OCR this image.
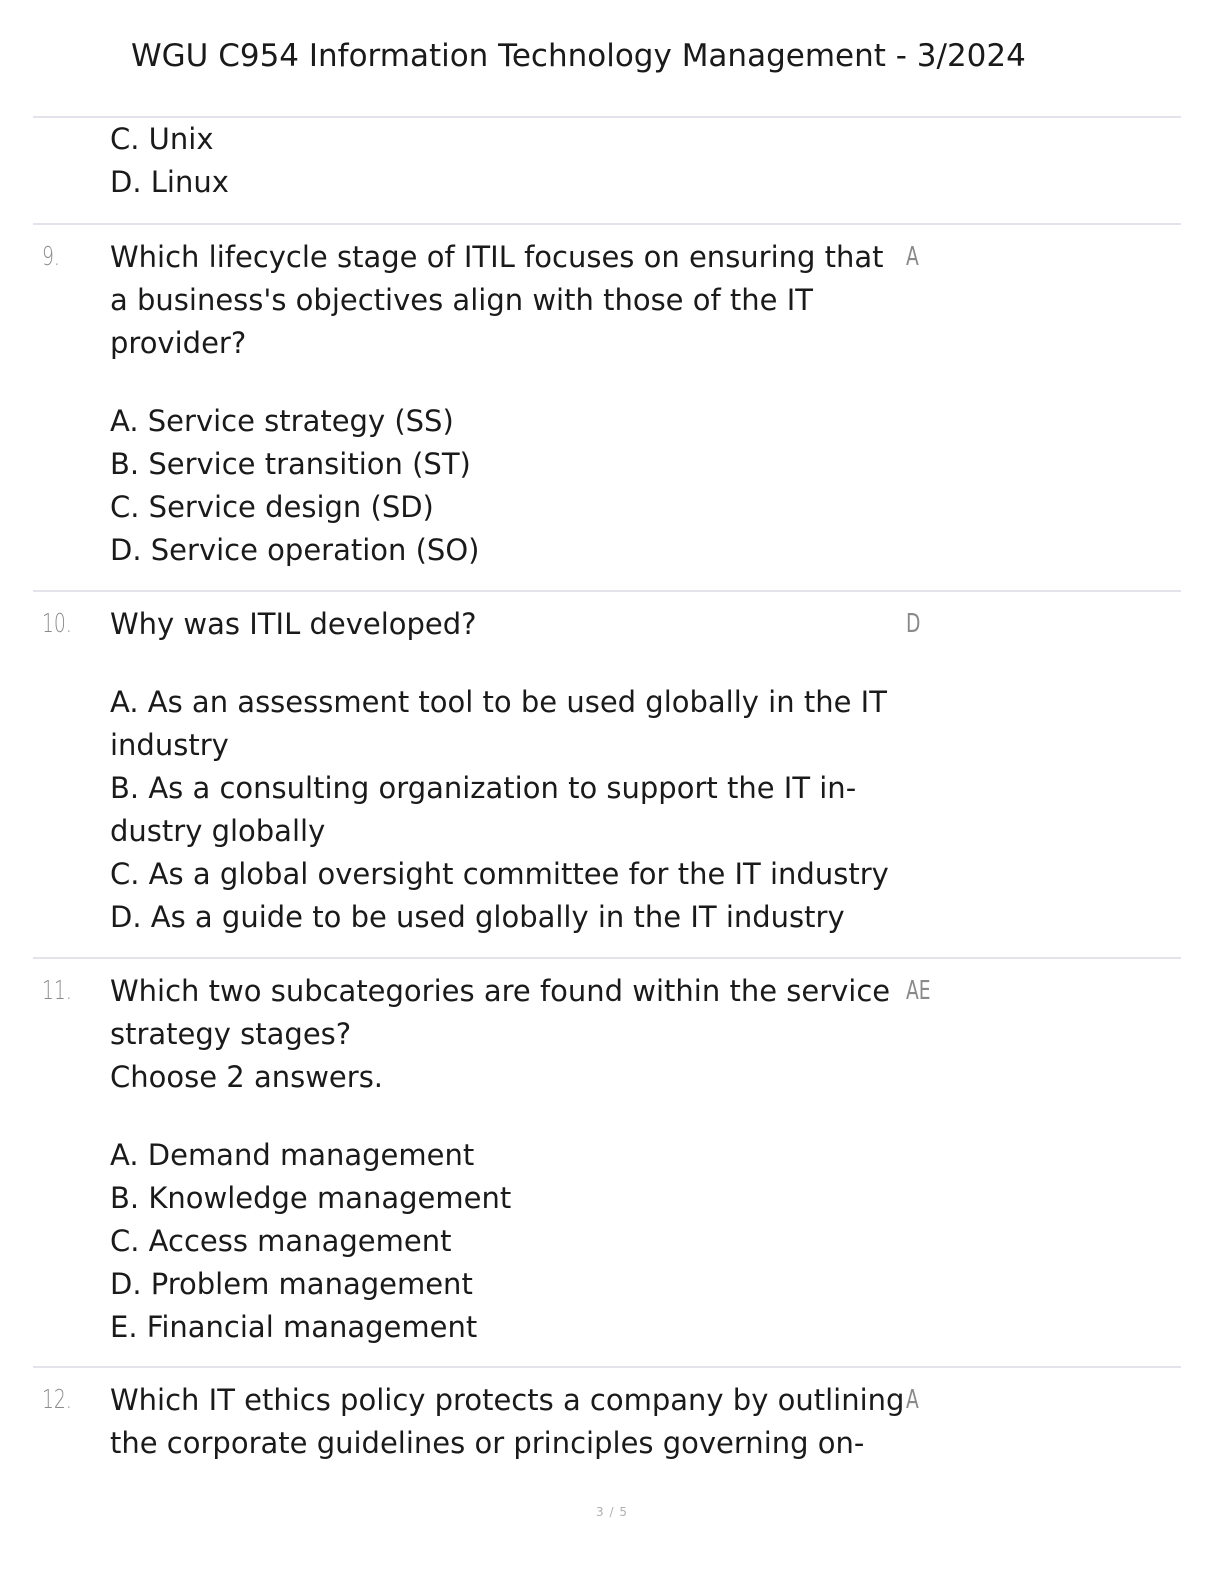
WGU C954 Information Technology Management - 3/2024
C. Unix
D. Linux
9.	A
Which lifecycle stage of ITIL focuses on ensuring that
a business's objectives align with those of the IT
provider?
A. Service strategy (SS)
B. Service transition (ST)
C. Service design (SD)
D. Service operation (SO)
10.	D
Why was ITIL developed?
A. As an assessment tool to be used globally in the IT
industry
B. As a consulting organization to support the IT in-
dustry globally
C. As a global oversight committee for the IT industry
D. As a guide to be used globally in the IT industry
11.	AE
Which two subcategories are found within the service
strategy stages?
Choose 2 answers.
A. Demand management
B. Knowledge management
C. Access management
D. Problem management
E. Financial management
12.	A
Which IT ethics policy protects a company by outlining
the corporate guidelines or principles governing on-
3 / 5
